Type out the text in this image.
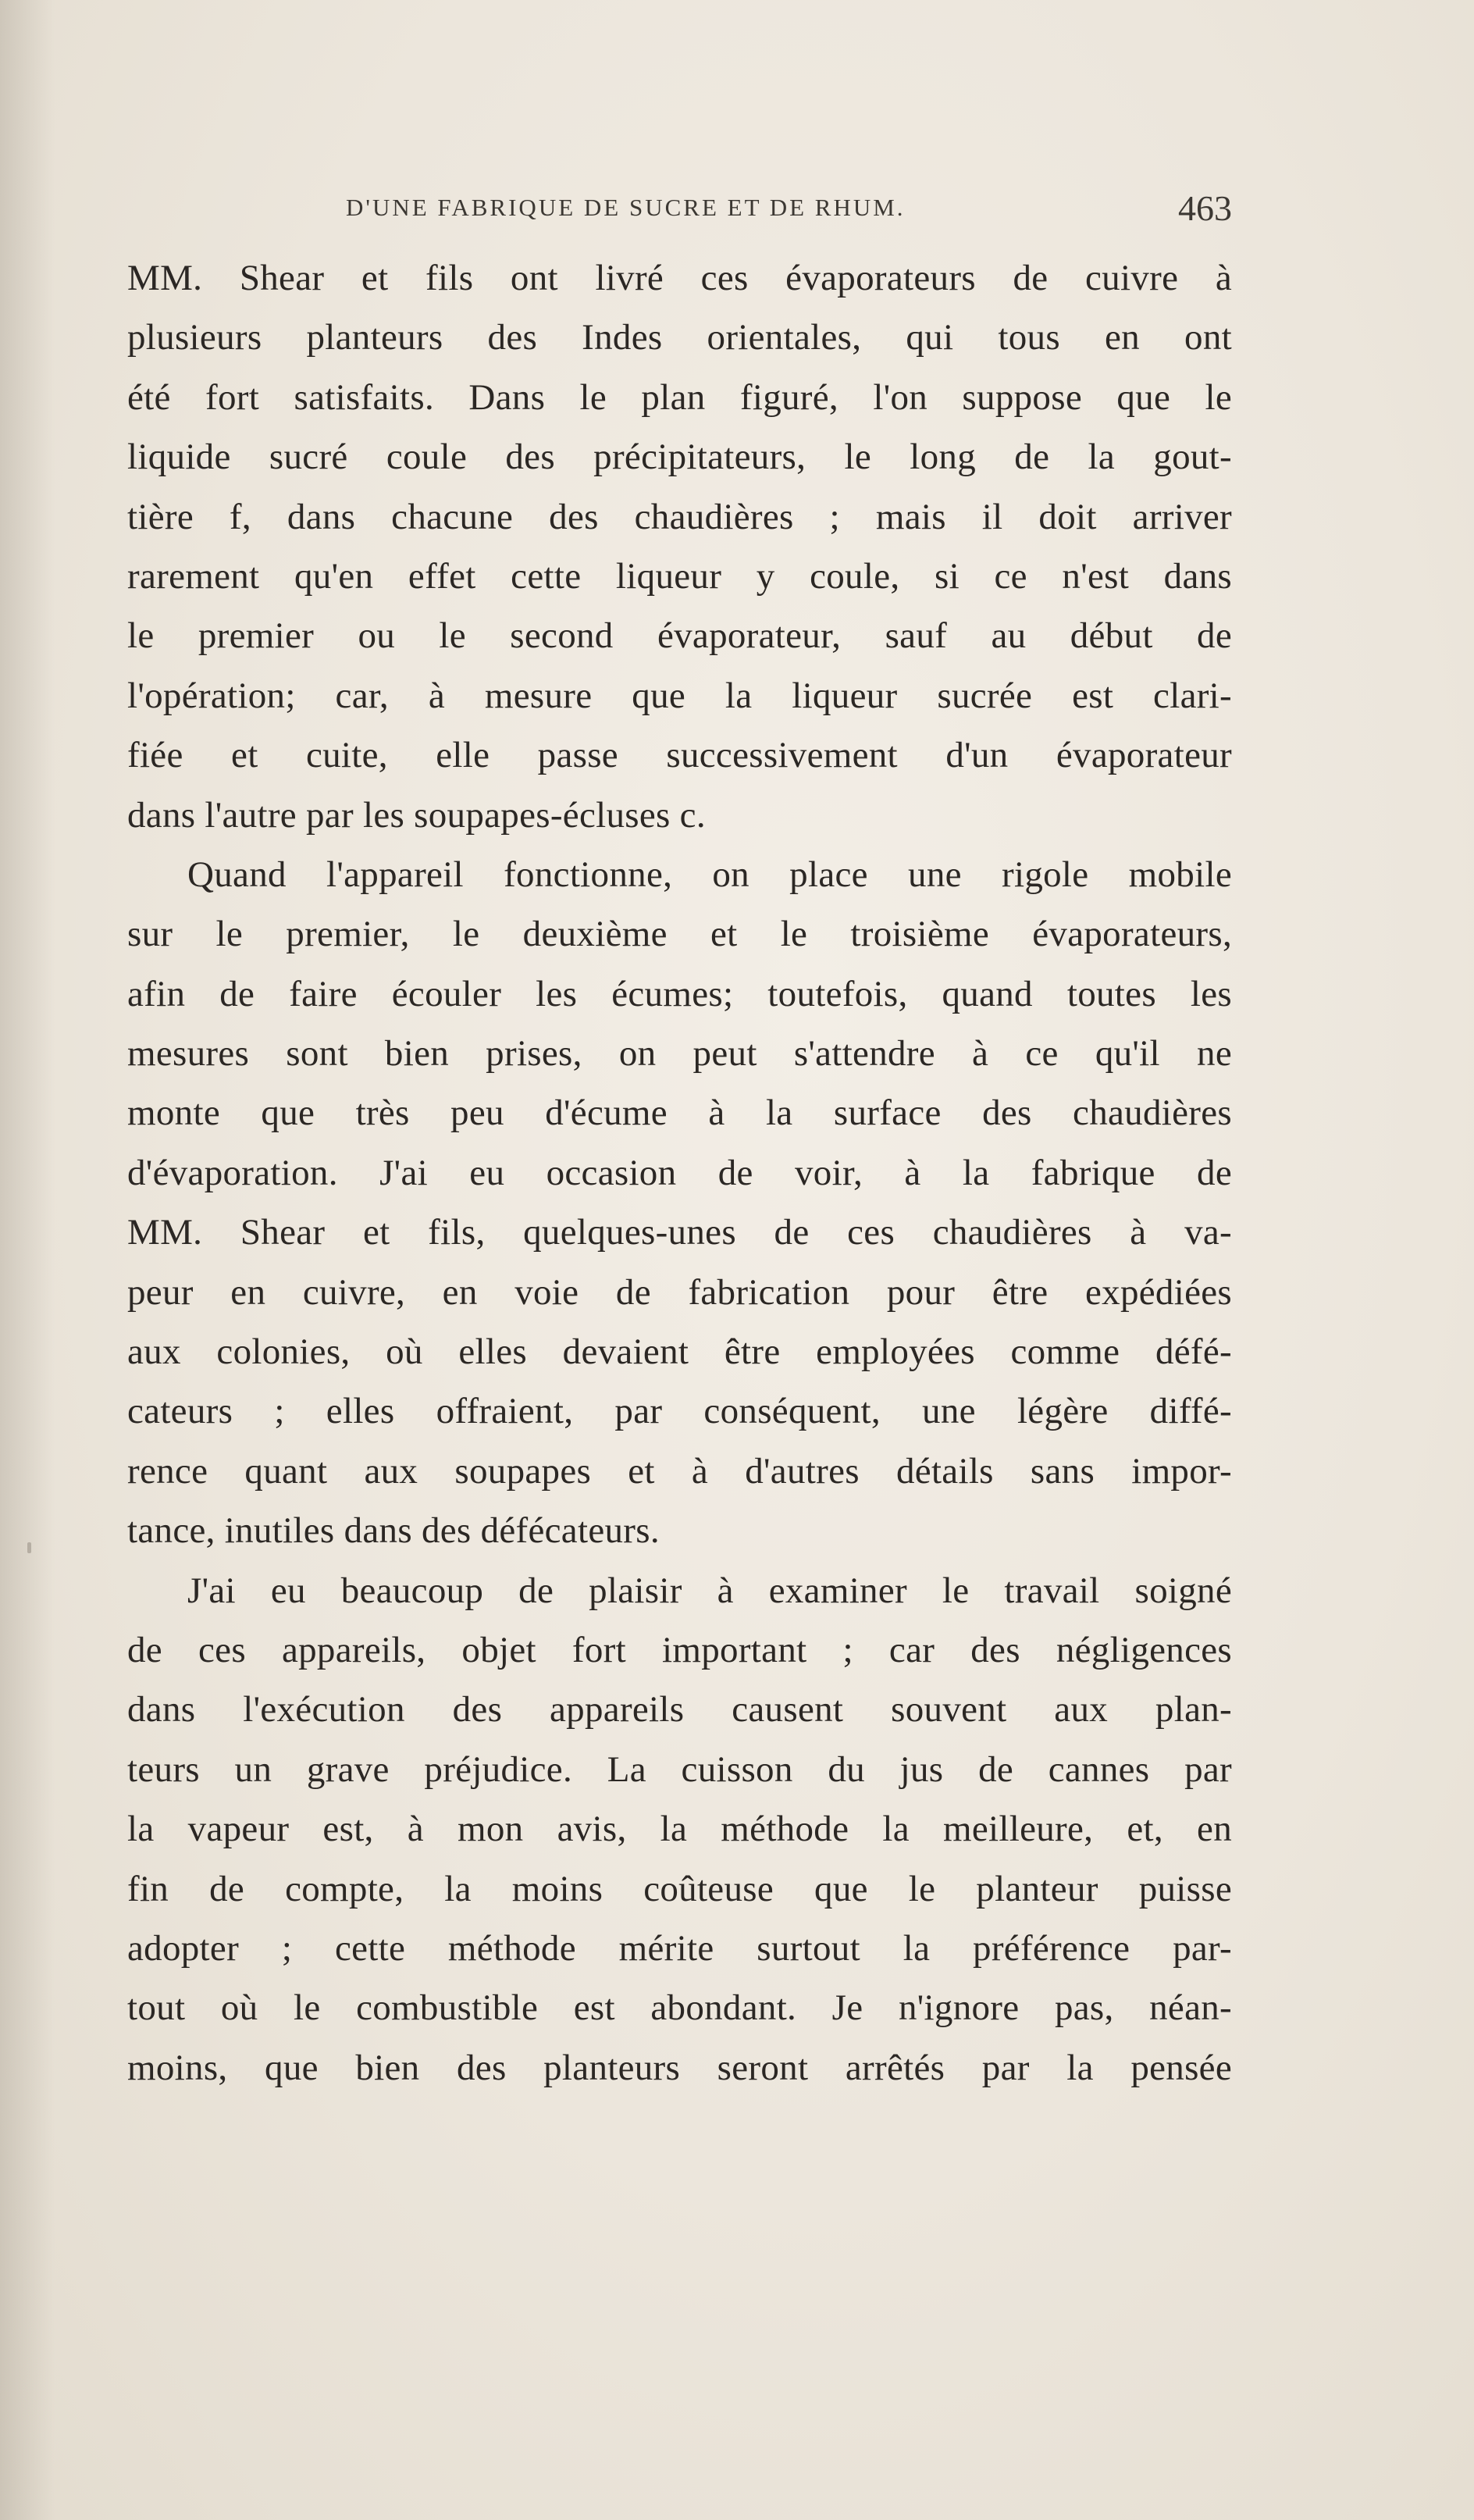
D'UNE FABRIQUE DE SUCRE ET DE RHUM.	463
MM. Shear et fils ont livré ces évaporateurs de cuivre à
plusieurs planteurs des Indes orientales, qui tous en ont
été fort satisfaits. Dans le plan figuré, l'on suppose que le
liquide sucré coule des précipitateurs, le long de la gout-
tière f, dans chacune des chaudières ; mais il doit arriver
rarement qu'en effet cette liqueur y coule, si ce n'est dans
le premier ou le second évaporateur, sauf au début de
l'opération; car, à mesure que la liqueur sucrée est clari-
fiée et cuite, elle passe successivement d'un évaporateur
dans l'autre par les soupapes-écluses c.
Quand l'appareil fonctionne, on place une rigole mobile
sur le premier, le deuxième et le troisième évaporateurs,
afin de faire écouler les écumes; toutefois, quand toutes les
mesures sont bien prises, on peut s'attendre à ce qu'il ne
monte que très peu d'écume à la surface des chaudières
d'évaporation. J'ai eu occasion de voir, à la fabrique de
MM. Shear et fils, quelques-unes de ces chaudières à va-
peur en cuivre, en voie de fabrication pour être expédiées
aux colonies, où elles devaient être employées comme défé-
cateurs ; elles offraient, par conséquent, une légère diffé-
rence quant aux soupapes et à d'autres détails sans impor-
tance, inutiles dans des défécateurs.
J'ai eu beaucoup de plaisir à examiner le travail soigné
de ces appareils, objet fort important ; car des négligences
dans l'exécution des appareils causent souvent aux plan-
teurs un grave préjudice. La cuisson du jus de cannes par
la vapeur est, à mon avis, la méthode la meilleure, et, en
fin de compte, la moins coûteuse que le planteur puisse
adopter ; cette méthode mérite surtout la préférence par-
tout où le combustible est abondant. Je n'ignore pas, néan-
moins, que bien des planteurs seront arrêtés par la pensée
